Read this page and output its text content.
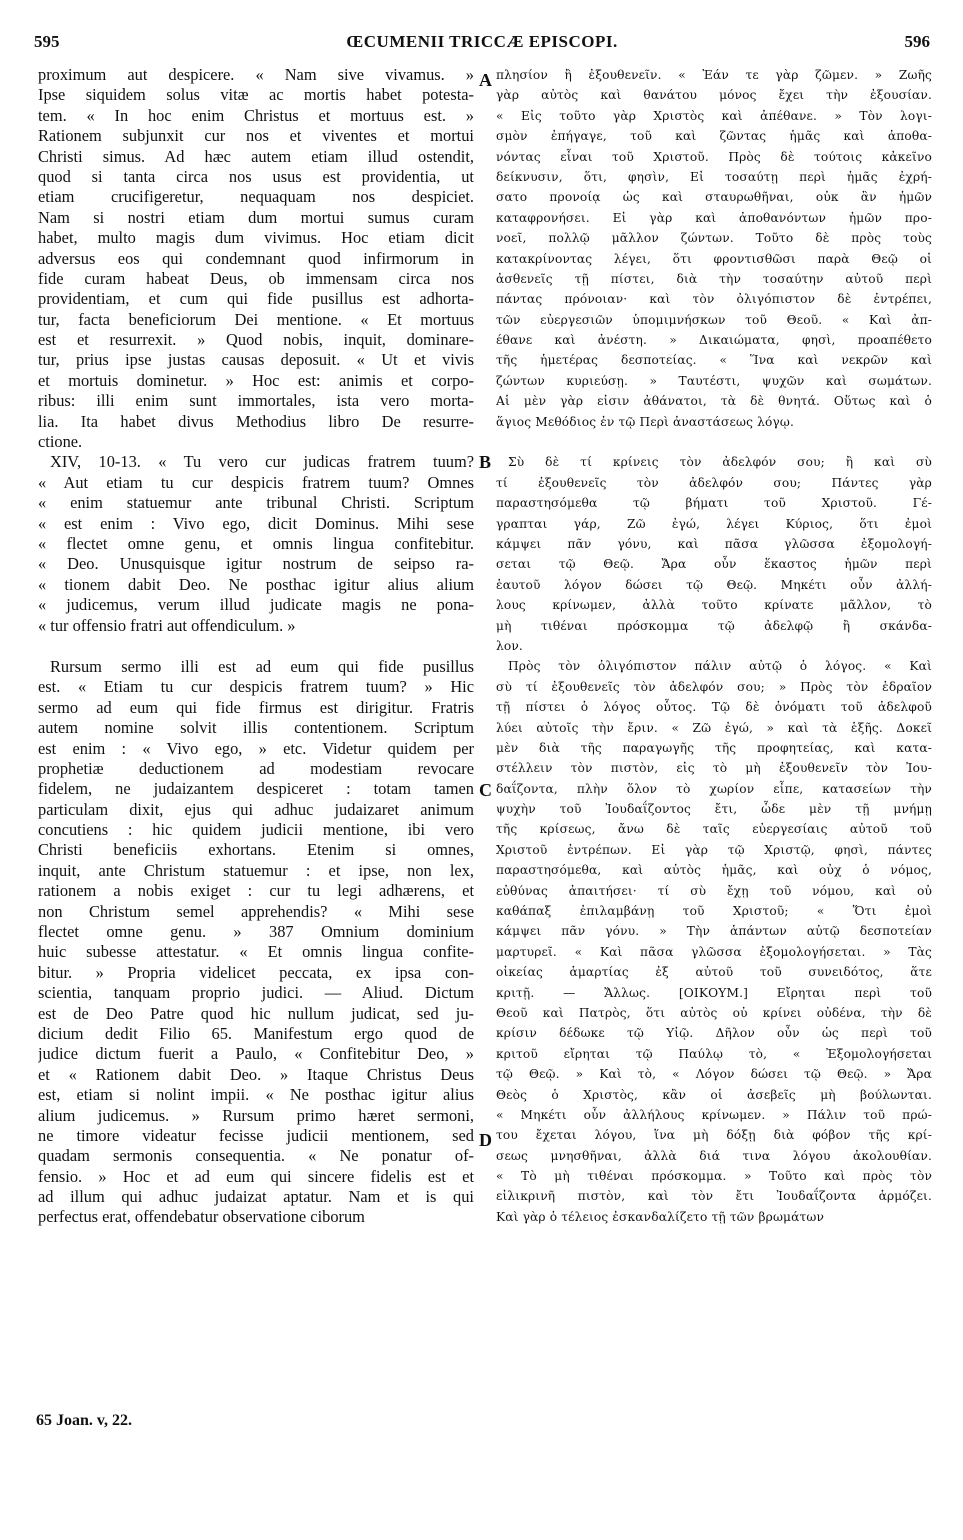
595	ŒCUMENII TRICCÆ EPISCOPI.	596
proximum aut despicere. « Nam sive vivamus. »
Ipse siquidem solus vitæ ac mortis habet potesta-
tem. « In hoc enim Christus et mortuus est. »
Rationem subjunxit cur nos et viventes et mortui
Christi simus. Ad hæc autem etiam illud ostendit,
quod si tanta circa nos usus est providentia, ut
etiam crucifigeretur, nequaquam nos despiciet.
Nam si nostri etiam dum mortui sumus curam
habet, multo magis dum vivimus. Hoc etiam dicit
adversus eos qui condemnant quod infirmorum in
fide curam habeat Deus, ob immensam circa nos
providentiam, et cum qui fide pusillus est adhorta-
tur, facta beneficiorum Dei mentione. « Et mortuus
est et resurrexit. » Quod nobis, inquit, dominare-
tur, prius ipse justas causas deposuit. « Ut et vivis
et mortuis dominetur. » Hoc est: animis et corpo-
ribus: illi enim sunt immortales, ista vero morta-
lia. Ita habet divus Methodius libro De resurre-
ctione.
XIV, 10-13. « Tu vero cur judicas fratrem tuum?
« Aut etiam tu cur despicis fratrem tuum? Omnes
« enim statuemur ante tribunal Christi. Scriptum
« est enim : Vivo ego, dicit Dominus. Mihi sese
« flectet omne genu, et omnis lingua confitebitur.
« Deo. Unusquisque igitur nostrum de seipso ra-
« tionem dabit Deo. Ne posthac igitur alius alium
« judicemus, verum illud judicate magis ne pona-
« tur offensio fratri aut offendiculum. »
Rursum sermo illi est ad eum qui fide pusillus
est. « Etiam tu cur despicis fratrem tuum? » Hic
sermo ad eum qui fide firmus est dirigitur. Fratris
autem nomine solvit illis contentionem. Scriptum
est enim : « Vivo ego, » etc. Videtur quidem per
prophetiæ deductionem ad modestiam revocare
fidelem, ne judaizantem despiceret : totam tamen
particulam dixit, ejus qui adhuc judaizaret animum
concutiens : hic quidem judicii mentione, ibi vero
Christi beneficiis exhortans. Etenim si omnes,
inquit, ante Christum statuemur : et ipse, non lex,
rationem a nobis exiget : cur tu legi adhærens, et
non Christum semel apprehendis? « Mihi sese
flectet omne genu. » 387 Omnium dominium
huic subesse attestatur. « Et omnis lingua confite-
bitur. » Propria videlicet peccata, ex ipsa con-
scientia, tanquam proprio judici. — Aliud. Dictum
est de Deo Patre quod hic nullum judicat, sed ju-
dicium dedit Filio 65. Manifestum ergo quod de
judice dictum fuerit a Paulo, « Confitebitur Deo, »
et « Rationem dabit Deo. » Itaque Christus Deus
est, etiam si nolint impii. « Ne posthac igitur alius
alium judicemus. » Rursum primo hæret sermoni,
ne timore videatur fecisse judicii mentionem, sed
quadam sermonis consequentia. « Ne ponatur of-
fensio. » Hoc et ad eum qui sincere fidelis est et
ad illum qui adhuc judaizat aptatur. Nam et is qui
perfectus erat, offendebatur observatione ciborum
πλησίον ἢ ἐξουθενεῖν. « Ἐάν τε γὰρ ζῶμεν. » Ζωῆς
γὰρ αὐτὸς καὶ θανάτου μόνος ἔχει τὴν ἐξουσίαν.
« Εἰς τοῦτο γὰρ Χριστὸς καὶ ἀπέθανε. » Τὸν λογι-
σμὸν ἐπήγαγε, τοῦ καὶ ζῶντας ἡμᾶς καὶ ἀποθα-
νόντας εἶναι τοῦ Χριστοῦ. Πρὸς δὲ τούτοις κἀκεῖνο
δείκνυσιν, ὅτι, φησὶν, Εἰ τοσαύτῃ περὶ ἡμᾶς ἐχρή-
σατο προνοίᾳ ὡς καὶ σταυρωθῆναι, οὐκ ἂν ἡμῶν
καταφρονήσει. Εἰ γὰρ καὶ ἀποθανόντων ἡμῶν προ-
νοεῖ, πολλῷ μᾶλλον ζώντων. Τοῦτο δὲ πρὸς τοὺς
κατακρίνοντας λέγει, ὅτι φροντισθῶσι παρὰ Θεῷ οἱ
ἀσθενεῖς τῇ πίστει, διὰ τὴν τοσαύτην αὐτοῦ περὶ
πάντας πρόνοιαν· καὶ τὸν ὀλιγόπιστον δὲ ἐντρέπει,
τῶν εὐεργεσιῶν ὑπομιμνήσκων τοῦ Θεοῦ. « Καὶ ἀπ-
έθανε καὶ ἀνέστη. » Δικαιώματα, φησὶ, προαπέθετο
τῆς ἡμετέρας δεσποτείας. « Ἵνα καὶ νεκρῶν καὶ
ζώντων κυριεύσῃ. » Ταυτέστι, ψυχῶν καὶ σωμάτων.
Αἱ μὲν γὰρ εἰσιν ἀθάνατοι, τὰ δὲ θνητά. Οὕτως καὶ ὁ
ἅγιος Μεθόδιος ἐν τῷ Περὶ ἀναστάσεως λόγῳ.
Σὺ δὲ τί κρίνεις τὸν ἀδελφόν σου; ἢ καὶ σὺ
τί ἐξουθενεῖς τὸν ἀδελφόν σου; Πάντες γὰρ
παραστησόμεθα τῷ βήματι τοῦ Χριστοῦ. Γέ-
γραπται γάρ, Ζῶ ἐγώ, λέγει Κύριος, ὅτι ἐμοὶ
κάμψει πᾶν γόνυ, καὶ πᾶσα γλῶσσα ἐξομολογή-
σεται τῷ Θεῷ. Ἄρα οὖν ἕκαστος ἡμῶν περὶ
ἑαυτοῦ λόγον δώσει τῷ Θεῷ. Μηκέτι οὖν ἀλλή-
λους κρίνωμεν, ἀλλὰ τοῦτο κρίνατε μᾶλλον, τὸ
μὴ τιθέναι πρόσκομμα τῷ ἀδελφῷ ἢ σκάνδα-
λον.
Πρὸς τὸν ὀλιγόπιστον πάλιν αὐτῷ ὁ λόγος. « Καὶ
σὺ τί ἐξουθενεῖς τὸν ἀδελφόν σου; » Πρὸς τὸν ἑδραῖον
τῇ πίστει ὁ λόγος οὗτος. Τῷ δὲ ὀνόματι τοῦ ἀδελφοῦ
λύει αὐτοῖς τὴν ἔριν. « Ζῶ ἐγώ, » καὶ τὰ ἑξῆς. Δοκεῖ
μὲν διὰ τῆς παραγωγῆς τῆς προφητείας, καὶ κατα-
στέλλειν τὸν πιστὸν, εἰς τὸ μὴ ἐξουθενεῖν τὸν Ἰου-
δαΐζοντα, πλὴν ὅλον τὸ χωρίον εἶπε, κατασείων τὴν
ψυχὴν τοῦ Ἰουδαΐζοντος ἔτι, ὧδε μὲν τῇ μνήμῃ
τῆς κρίσεως, ἄνω δὲ ταῖς εὐεργεσίαις αὐτοῦ τοῦ
Χριστοῦ ἐντρέπων. Εἰ γὰρ τῷ Χριστῷ, φησὶ, πάντες
παραστησόμεθα, καὶ αὐτὸς ἡμᾶς, καὶ οὐχ ὁ νόμος,
εὐθύνας ἀπαιτήσει· τί σὺ ἔχῃ τοῦ νόμου, καὶ οὐ
καθάπαξ ἐπιλαμβάνῃ τοῦ Χριστοῦ; « Ὅτι ἐμοὶ
κάμψει πᾶν γόνυ. » Τὴν ἁπάντων αὐτῷ δεσποτείαν
μαρτυρεῖ. « Καὶ πᾶσα γλῶσσα ἐξομολογήσεται. » Τὰς
οἰκείας ἁμαρτίας ἐξ αὐτοῦ τοῦ συνειδότος, ἅτε
κριτῇ. — Ἄλλως. [ΟΙΚΟΥΜ.] Εἴρηται περὶ τοῦ
Θεοῦ καὶ Πατρὸς, ὅτι αὐτὸς οὐ κρίνει οὐδένα, τὴν δὲ
κρίσιν δέδωκε τῷ Υἱῷ. Δῆλον οὖν ὡς περὶ τοῦ
κριτοῦ εἴρηται τῷ Παύλῳ τὸ, « Ἐξομολογήσεται
τῷ Θεῷ. » Καὶ τὸ, « Λόγον δώσει τῷ Θεῷ. » Ἄρα
Θεὸς ὁ Χριστὸς, κἂν οἱ ἀσεβεῖς μὴ βούλωνται.
« Μηκέτι οὖν ἀλλήλους κρίνωμεν. » Πάλιν τοῦ πρώ-
του ἔχεται λόγου, ἵνα μὴ δόξῃ διὰ φόβον τῆς κρί-
σεως μνησθῆναι, ἀλλὰ διά τινα λόγου ἀκολουθίαν.
« Τὸ μὴ τιθέναι πρόσκομμα. » Τοῦτο καὶ πρὸς τὸν
εἰλικρινῆ πιστὸν, καὶ τὸν ἔτι Ἰουδαΐζοντα ἁρμόζει.
Καὶ γὰρ ὁ τέλειος ἐσκανδαλίζετο τῇ τῶν βρωμάτων
A
B
C
D
65 Joan. v, 22.
